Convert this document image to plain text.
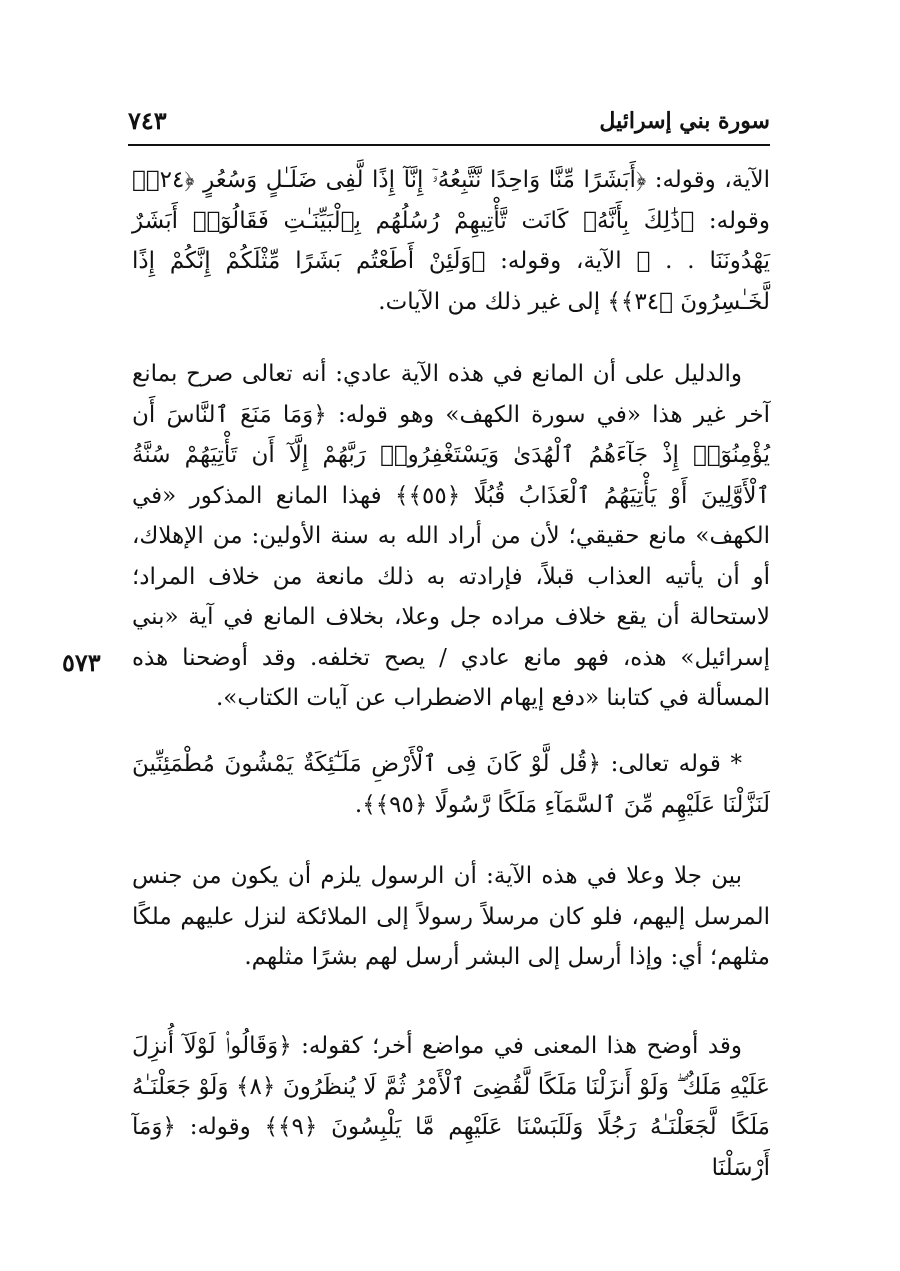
سورة بني إسرائيل
٧٤٣

الآية، وقوله: ﴿أَبَشَرًا مِّنَّا وَاحِدًا نَّتَّبِعُهُۥٓ إِنَّآ إِذًا لَّفِى ضَلَـٰلٍ وَسُعُرٍ ﴿٢٤﴾﴾ وقوله: ﴿ذَٰلِكَ بِأَنَّهُۥ كَانَت تَّأْتِيهِمْ رُسُلُهُم بِٱلْبَيِّنَـٰتِ فَقَالُوٓا۟ أَبَشَرٌ يَهْدُونَنَا . . ﴾ الآية، وقوله: ﴿وَلَئِنْ أَطَعْتُم بَشَرًا مِّثْلَكُمْ إِنَّكُمْ إِذًا لَّخَـٰسِرُونَ ﴿٣٤﴾﴾ إلى غير ذلك من الآيات.

والدليل على أن المانع في هذه الآية عادي: أنه تعالى صرح بمانع آخر غير هذا «في سورة الكهف» وهو قوله: ﴿وَمَا مَنَعَ ٱلنَّاسَ أَن يُؤْمِنُوٓا۟ إِذْ جَآءَهُمُ ٱلْهُدَىٰ وَيَسْتَغْفِرُوا۟ رَبَّهُمْ إِلَّآ أَن تَأْتِيَهُمْ سُنَّةُ ٱلْأَوَّلِينَ أَوْ يَأْتِيَهُمُ ٱلْعَذَابُ قُبُلًا ﴿٥٥﴾﴾ فهذا المانع المذكور «في الكهف» مانع حقيقي؛ لأن من أراد الله به سنة الأولين: من الإهلاك، أو أن يأتيه العذاب قبلاً، فإرادته به ذلك مانعة من خلاف المراد؛ لاستحالة أن يقع خلاف مراده جل وعلا، بخلاف المانع في آية «بني إسرائيل» هذه، فهو مانع عادي / يصح تخلفه. وقد أوضحنا هذه المسألة في كتابنا «دفع إيهام الاضطراب عن آيات الكتاب».

٥٧٣

* قوله تعالى: ﴿قُل لَّوْ كَانَ فِى ٱلْأَرْضِ مَلَـٰٓئِكَةٌ يَمْشُونَ مُطْمَئِنِّينَ لَنَزَّلْنَا عَلَيْهِم مِّنَ ٱلسَّمَآءِ مَلَكًا رَّسُولًا ﴿٩٥﴾﴾.

بين جلا وعلا في هذه الآية: أن الرسول يلزم أن يكون من جنس المرسل إليهم، فلو كان مرسلاً رسولاً إلى الملائكة لنزل عليهم ملكًا مثلهم؛ أي: وإذا أرسل إلى البشر أرسل لهم بشرًا مثلهم.

وقد أوضح هذا المعنى في مواضع أخر؛ كقوله: ﴿وَقَالُوا۟ لَوْلَآ أُنزِلَ عَلَيْهِ مَلَكٌ ۖ وَلَوْ أَنزَلْنَا مَلَكًا لَّقُضِىَ ٱلْأَمْرُ ثُمَّ لَا يُنظَرُونَ ﴿٨﴾ وَلَوْ جَعَلْنَـٰهُ مَلَكًا لَّجَعَلْنَـٰهُ رَجُلًا وَلَلَبَسْنَا عَلَيْهِم مَّا يَلْبِسُونَ ﴿٩﴾﴾ وقوله: ﴿وَمَآ أَرْسَلْنَا
